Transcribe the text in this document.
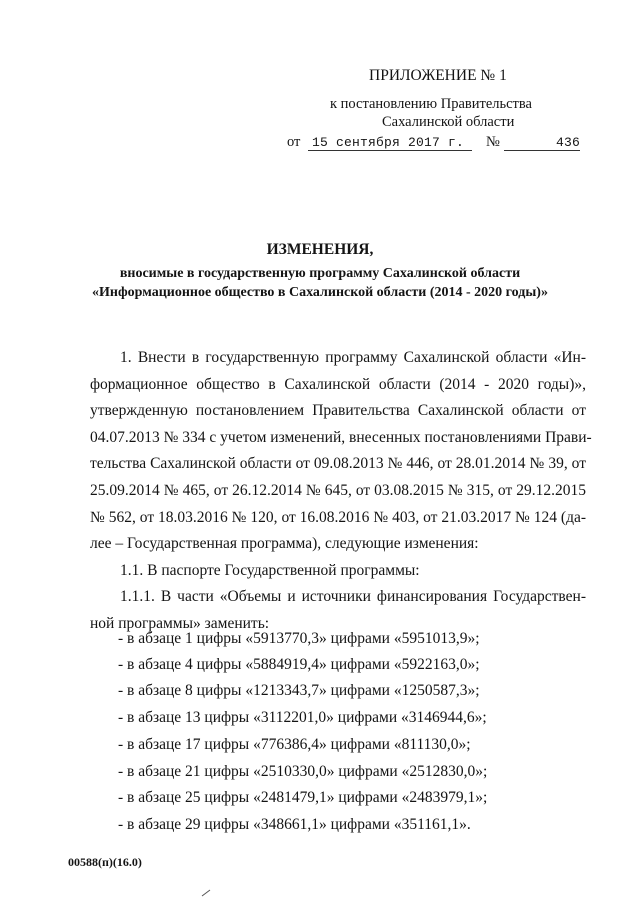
ПРИЛОЖЕНИЕ № 1
к постановлению Правительства
Сахалинской области
от 15 сентября 2017 г. №	436
ИЗМЕНЕНИЯ,
вносимые в государственную программу Сахалинской области
«Информационное общество в Сахалинской области (2014 - 2020 годы)»
1. Внести в государственную программу Сахалинской области «Ин-
формационное общество в Сахалинской области (2014 - 2020 годы)»,
утвержденную постановлением Правительства Сахалинской области от
04.07.2013 № 334 с учетом изменений, внесенных постановлениями Прави-
тельства Сахалинской области от 09.08.2013 № 446, от 28.01.2014 № 39, от
25.09.2014 № 465, от 26.12.2014 № 645, от 03.08.2015 № 315, от 29.12.2015
№ 562, от 18.03.2016 № 120, от 16.08.2016 № 403, от 21.03.2017 № 124 (да-
лее – Государственная программа), следующие изменения:
1.1. В паспорте Государственной программы:
1.1.1. В части «Объемы и источники финансирования Государствен-
ной программы» заменить:
- в абзаце 1 цифры «5913770,3» цифрами «5951013,9»;
- в абзаце 4 цифры «5884919,4» цифрами «5922163,0»;
- в абзаце 8 цифры «1213343,7» цифрами «1250587,3»;
- в абзаце 13 цифры «3112201,0» цифрами «3146944,6»;
- в абзаце 17 цифры «776386,4» цифрами «811130,0»;
- в абзаце 21 цифры «2510330,0» цифрами «2512830,0»;
- в абзаце 25 цифры «2481479,1» цифрами «2483979,1»;
- в абзаце 29 цифры «348661,1» цифрами «351161,1».
00588(п)(16.0)
